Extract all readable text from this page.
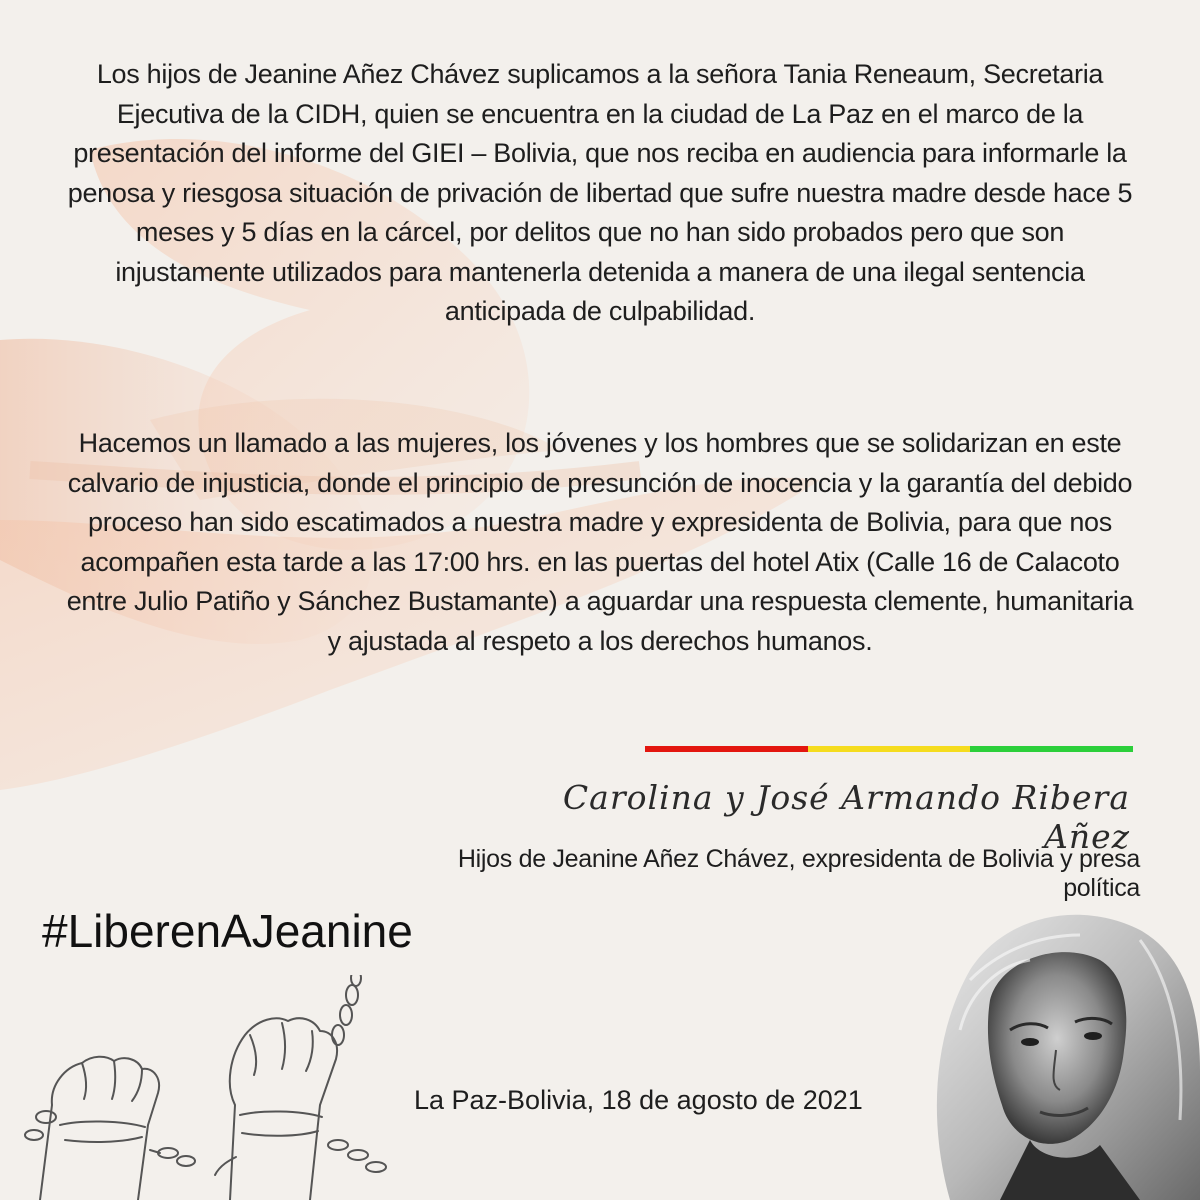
Los hijos de Jeanine Añez Chávez suplicamos a la señora Tania Reneaum, Secretaria Ejecutiva de la CIDH, quien se encuentra en la ciudad de La Paz en el marco de la presentación del informe del GIEI – Bolivia, que nos reciba en audiencia para informarle la penosa y riesgosa situación de privación de libertad que sufre nuestra madre desde hace 5 meses y 5 días en la cárcel, por delitos que no han sido probados pero que son injustamente utilizados para mantenerla detenida a manera de una ilegal sentencia anticipada de culpabilidad.

Hacemos un llamado a las mujeres, los jóvenes y los hombres que se solidarizan en este calvario de injusticia, donde el principio de presunción de inocencia y la garantía del debido proceso han sido escatimados a nuestra madre y expresidenta de Bolivia, para que nos acompañen esta tarde a las 17:00 hrs. en las puertas del hotel Atix (Calle 16 de Calacoto entre Julio Patiño y Sánchez Bustamante) a aguardar una respuesta clemente, humanitaria y ajustada al respeto a los derechos humanos.

Carolina y José Armando Ribera Añez
Hijos de Jeanine Añez Chávez, expresidenta de Bolivia y presa política
#LiberenAJeanine
La Paz-Bolivia, 18 de agosto de 2021
